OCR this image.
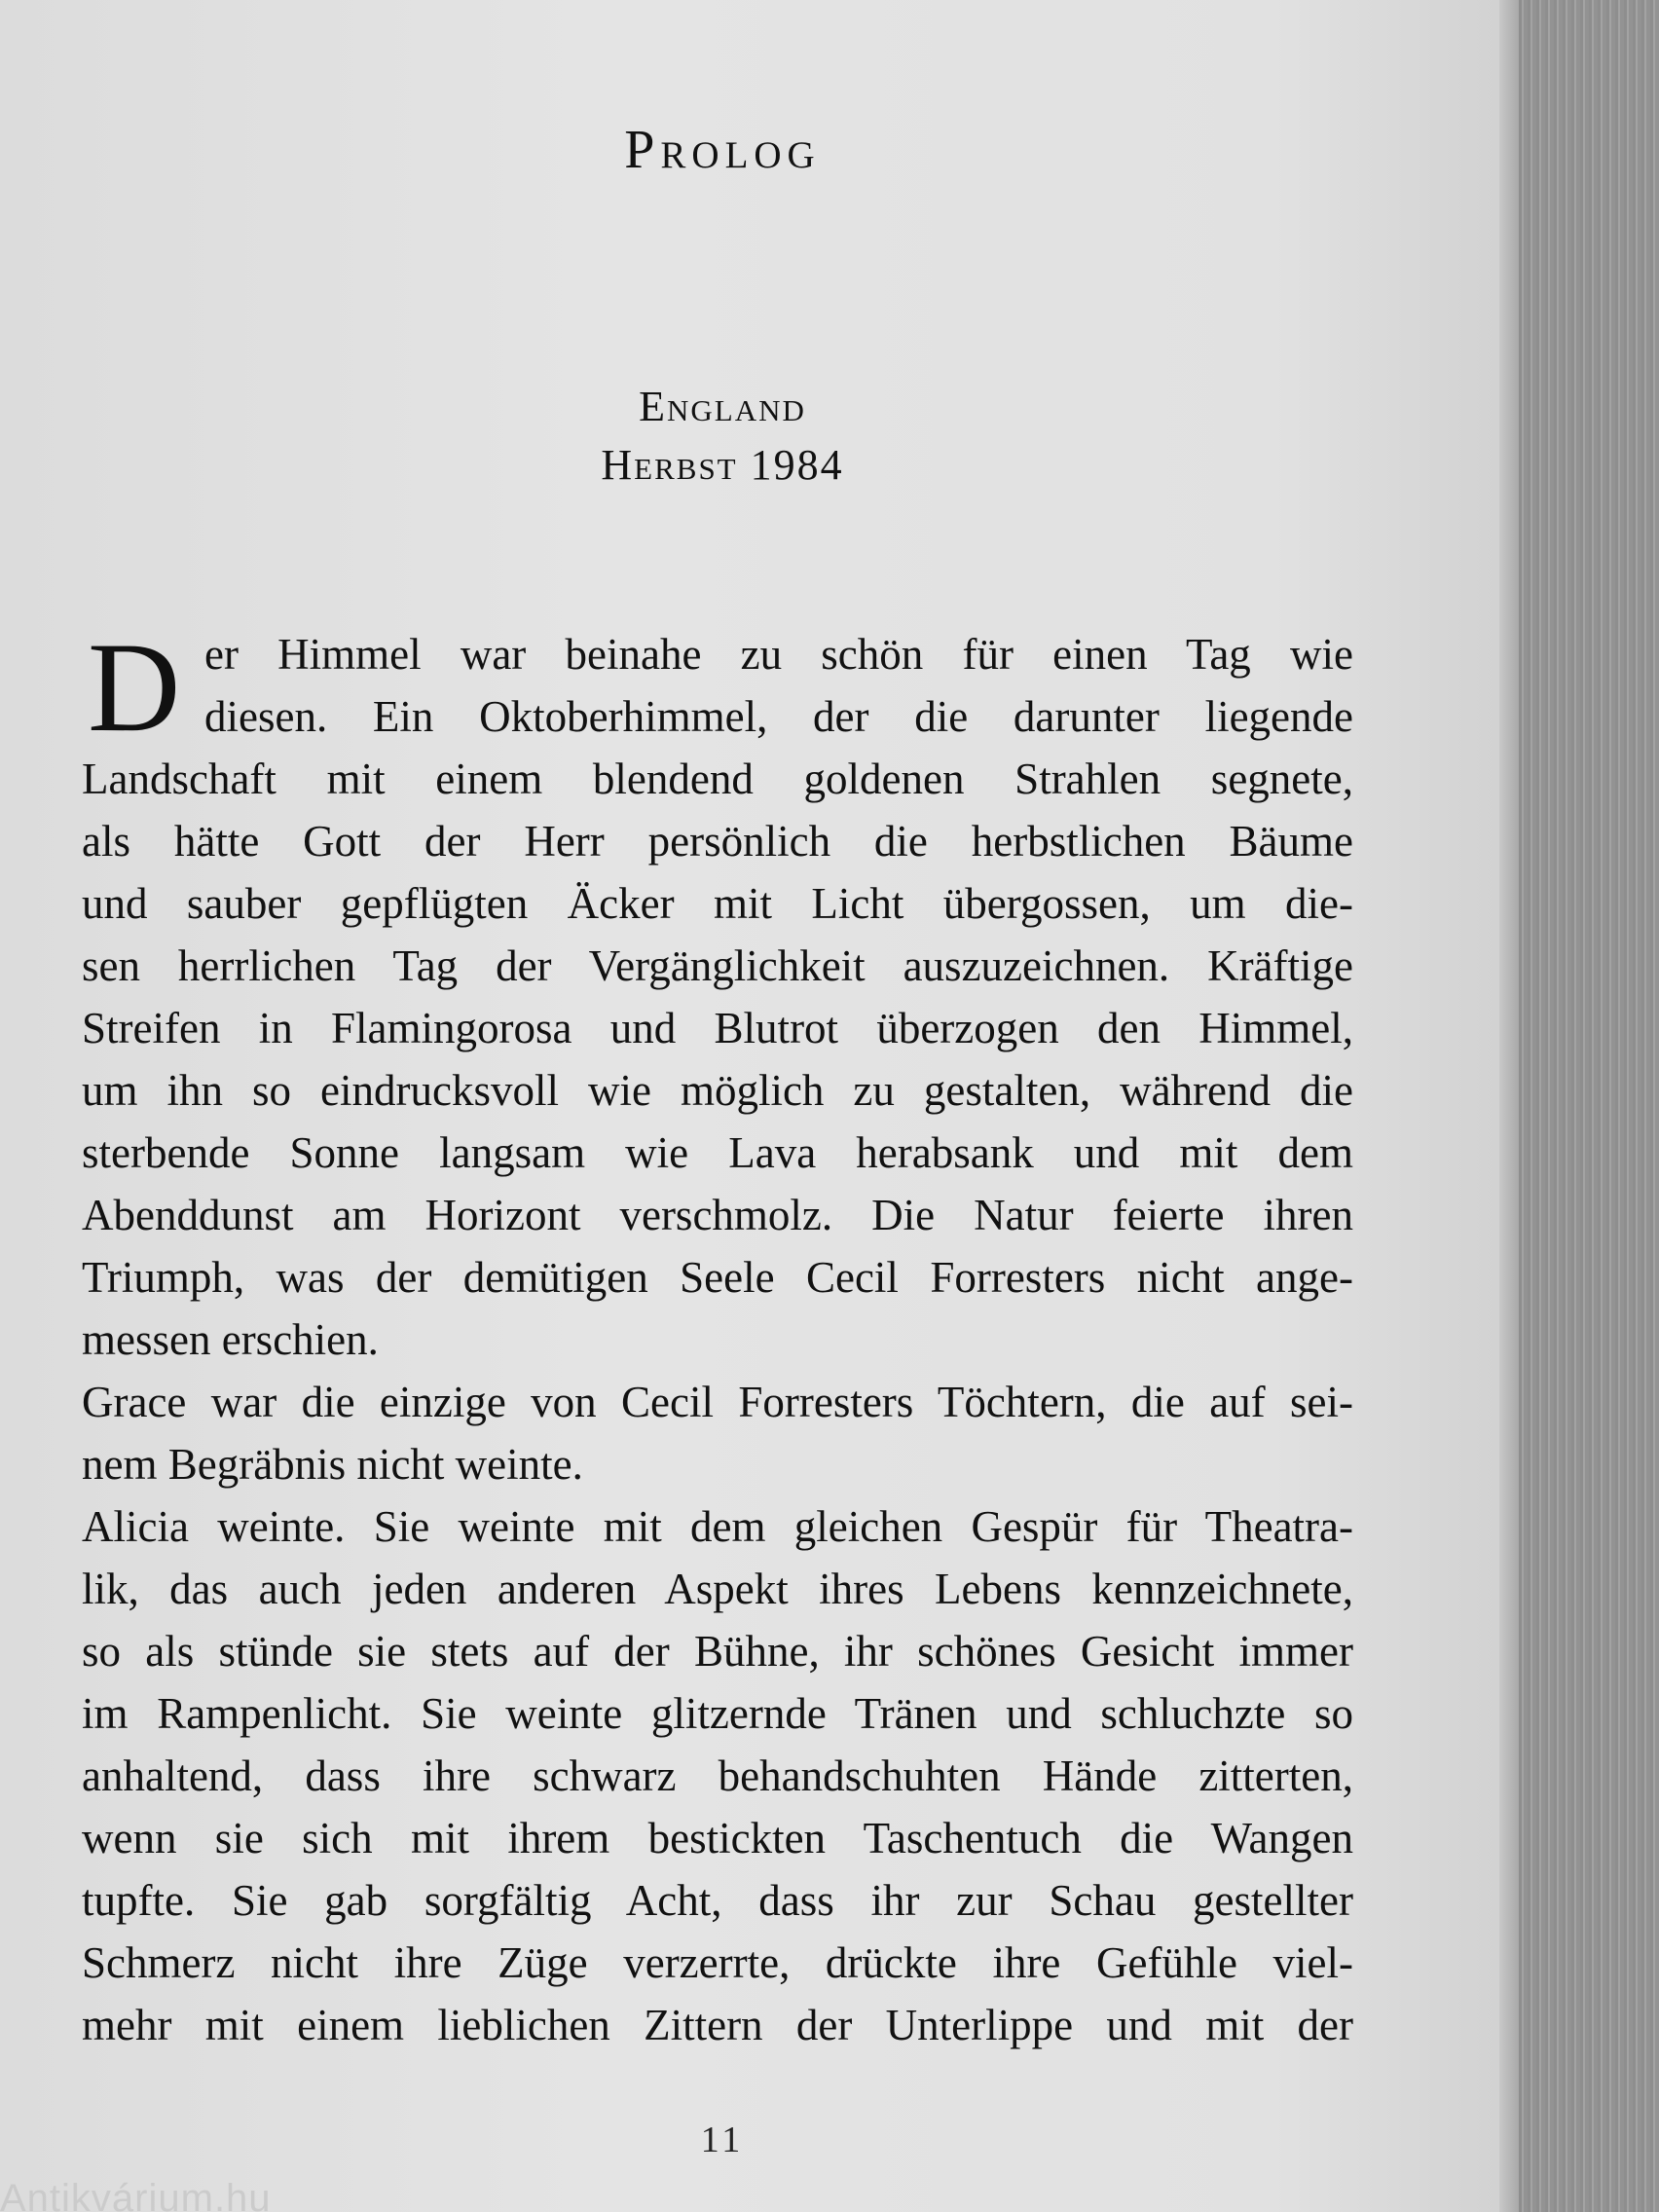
Prolog
England
Herbst 1984
D er Himmel war beinahe zu schön für einen Tag wie
diesen. Ein Oktoberhimmel, der die darunter liegende
Landschaft mit einem blendend goldenen Strahlen segnete,
als hätte Gott der Herr persönlich die herbstlichen Bäume
und sauber gepflügten Äcker mit Licht übergossen, um die-
sen herrlichen Tag der Vergänglichkeit auszuzeichnen. Kräftige
Streifen in Flamingorosa und Blutrot überzogen den Himmel,
um ihn so eindrucksvoll wie möglich zu gestalten, während die
sterbende Sonne langsam wie Lava herabsank und mit dem
Abenddunst am Horizont verschmolz. Die Natur feierte ihren
Triumph, was der demütigen Seele Cecil Forresters nicht ange-
messen erschien.
Grace war die einzige von Cecil Forresters Töchtern, die auf sei-
nem Begräbnis nicht weinte.
Alicia weinte. Sie weinte mit dem gleichen Gespür für Theatra-
lik, das auch jeden anderen Aspekt ihres Lebens kennzeichnete,
so als stünde sie stets auf der Bühne, ihr schönes Gesicht immer
im Rampenlicht. Sie weinte glitzernde Tränen und schluchzte so
anhaltend, dass ihre schwarz behandschuhten Hände zitterten,
wenn sie sich mit ihrem bestickten Taschentuch die Wangen
tupfte. Sie gab sorgfältig Acht, dass ihr zur Schau gestellter
Schmerz nicht ihre Züge verzerrte, drückte ihre Gefühle viel-
mehr mit einem lieblichen Zittern der Unterlippe und mit der
11
Antikvárium.hu
